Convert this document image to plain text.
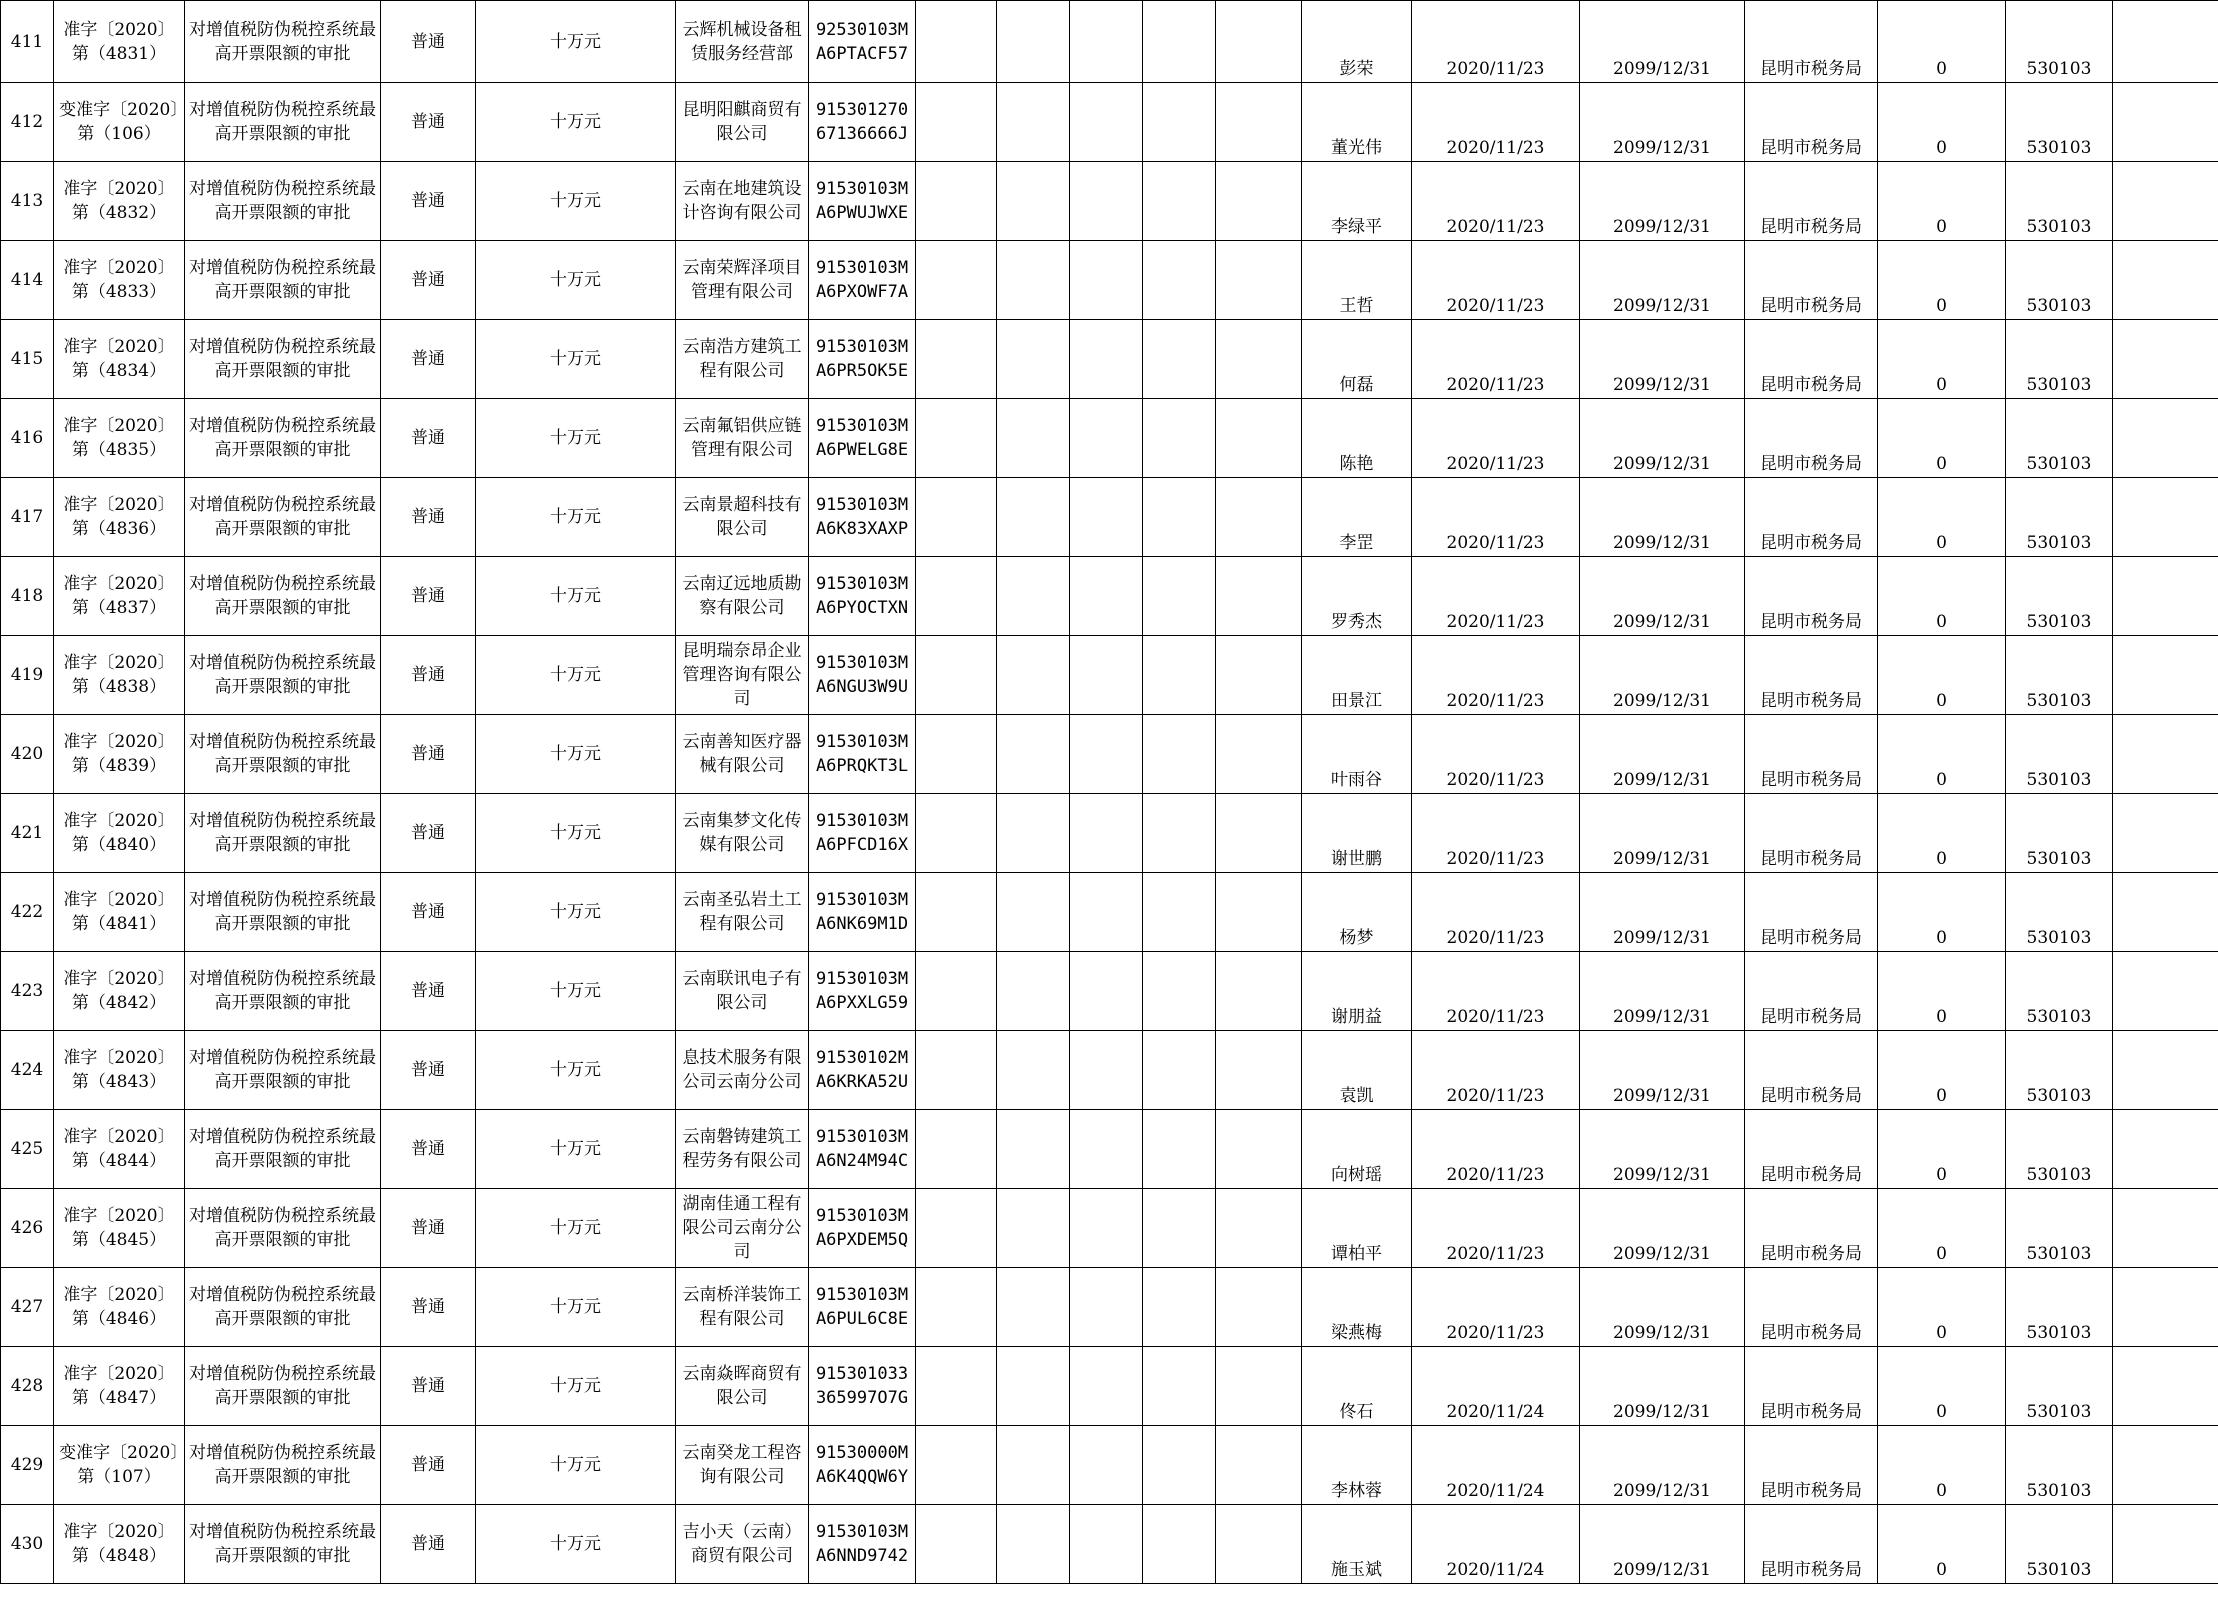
411	准字〔2020〕第（4831）	对增值税防伪税控系统最高开票限额的审批	普通	十万元	云辉机械设备租赁服务经营部	92530103MA6PTACF57						彭荣	2020/11/23	2099/12/31	昆明市税务局	0	530103		
412	变准字〔2020〕第（106）	对增值税防伪税控系统最高开票限额的审批	普通	十万元	昆明阳麒商贸有限公司	91530127067136666J						董光伟	2020/11/23	2099/12/31	昆明市税务局	0	530103		
413	准字〔2020〕第（4832）	对增值税防伪税控系统最高开票限额的审批	普通	十万元	云南在地建筑设计咨询有限公司	91530103MA6PWUJWXE						李绿平	2020/11/23	2099/12/31	昆明市税务局	0	530103		
414	准字〔2020〕第（4833）	对增值税防伪税控系统最高开票限额的审批	普通	十万元	云南荣辉泽项目管理有限公司	91530103MA6PXOWF7A						王哲	2020/11/23	2099/12/31	昆明市税务局	0	530103		
415	准字〔2020〕第（4834）	对增值税防伪税控系统最高开票限额的审批	普通	十万元	云南浩方建筑工程有限公司	91530103MA6PR5OK5E						何磊	2020/11/23	2099/12/31	昆明市税务局	0	530103		
416	准字〔2020〕第（4835）	对增值税防伪税控系统最高开票限额的审批	普通	十万元	云南氟铝供应链管理有限公司	91530103MA6PWELG8E						陈艳	2020/11/23	2099/12/31	昆明市税务局	0	530103		
417	准字〔2020〕第（4836）	对增值税防伪税控系统最高开票限额的审批	普通	十万元	云南景超科技有限公司	91530103MA6K83XAXP						李罡	2020/11/23	2099/12/31	昆明市税务局	0	530103		
418	准字〔2020〕第（4837）	对增值税防伪税控系统最高开票限额的审批	普通	十万元	云南辽远地质勘察有限公司	91530103MA6PYOCTXN						罗秀杰	2020/11/23	2099/12/31	昆明市税务局	0	530103		
419	准字〔2020〕第（4838）	对增值税防伪税控系统最高开票限额的审批	普通	十万元	昆明瑞奈昂企业管理咨询有限公司	91530103MA6NGU3W9U						田景江	2020/11/23	2099/12/31	昆明市税务局	0	530103		
420	准字〔2020〕第（4839）	对增值税防伪税控系统最高开票限额的审批	普通	十万元	云南善知医疗器械有限公司	91530103MA6PRQKT3L						叶雨谷	2020/11/23	2099/12/31	昆明市税务局	0	530103		
421	准字〔2020〕第（4840）	对增值税防伪税控系统最高开票限额的审批	普通	十万元	云南集梦文化传媒有限公司	91530103MA6PFCD16X						谢世鹏	2020/11/23	2099/12/31	昆明市税务局	0	530103		
422	准字〔2020〕第（4841）	对增值税防伪税控系统最高开票限额的审批	普通	十万元	云南圣弘岩土工程有限公司	91530103MA6NK69M1D						杨梦	2020/11/23	2099/12/31	昆明市税务局	0	530103		
423	准字〔2020〕第（4842）	对增值税防伪税控系统最高开票限额的审批	普通	十万元	云南联讯电子有限公司	91530103MA6PXXLG59						谢朋益	2020/11/23	2099/12/31	昆明市税务局	0	530103		
424	准字〔2020〕第（4843）	对增值税防伪税控系统最高开票限额的审批	普通	十万元	息技术服务有限公司云南分公司	91530102MA6KRKA52U						袁凯	2020/11/23	2099/12/31	昆明市税务局	0	530103		
425	准字〔2020〕第（4844）	对增值税防伪税控系统最高开票限额的审批	普通	十万元	云南磐铸建筑工程劳务有限公司	91530103MA6N24M94C						向树瑶	2020/11/23	2099/12/31	昆明市税务局	0	530103		
426	准字〔2020〕第（4845）	对增值税防伪税控系统最高开票限额的审批	普通	十万元	湖南佳通工程有限公司云南分公司	91530103MA6PXDEM5Q						谭柏平	2020/11/23	2099/12/31	昆明市税务局	0	530103		
427	准字〔2020〕第（4846）	对增值税防伪税控系统最高开票限额的审批	普通	十万元	云南桥洋装饰工程有限公司	91530103MA6PUL6C8E						梁燕梅	2020/11/23	2099/12/31	昆明市税务局	0	530103		
428	准字〔2020〕第（4847）	对增值税防伪税控系统最高开票限额的审批	普通	十万元	云南焱晖商贸有限公司	915301033365997O7G						佟石	2020/11/24	2099/12/31	昆明市税务局	0	530103		
429	变准字〔2020〕第（107）	对增值税防伪税控系统最高开票限额的审批	普通	十万元	云南癸龙工程咨询有限公司	91530000MA6K4QQW6Y						李林蓉	2020/11/24	2099/12/31	昆明市税务局	0	530103		
430	准字〔2020〕第（4848）	对增值税防伪税控系统最高开票限额的审批	普通	十万元	吉小天（云南）商贸有限公司	91530103MA6NND9742						施玉斌	2020/11/24	2099/12/31	昆明市税务局	0	530103		
